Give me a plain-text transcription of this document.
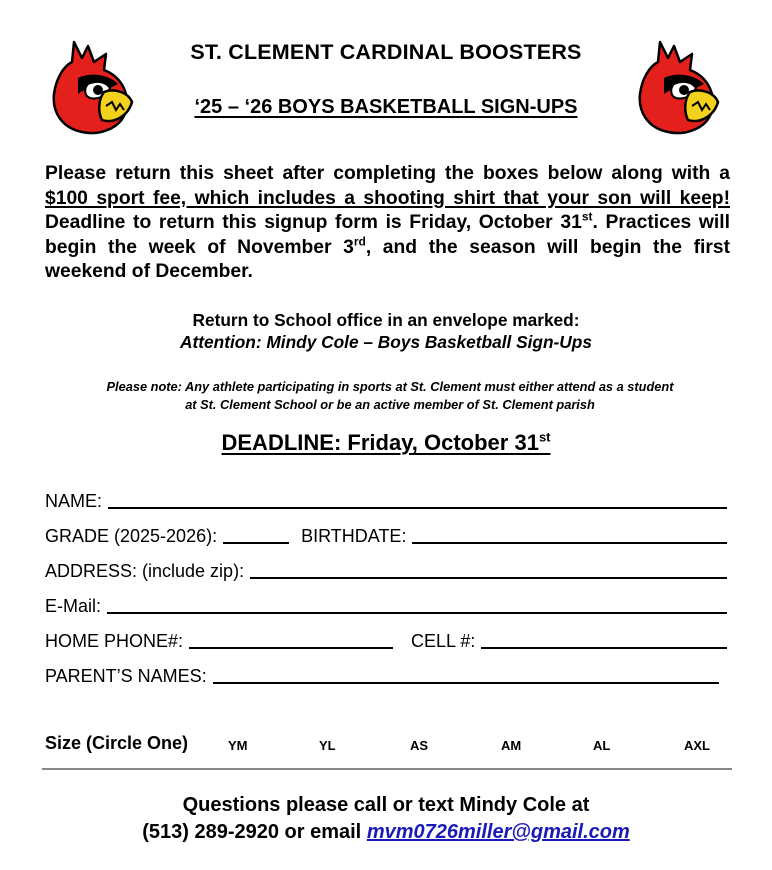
ST. CLEMENT CARDINAL BOOSTERS
‘25 – ‘26 BOYS BASKETBALL SIGN-UPS
Please return this sheet after completing the boxes below along with a $100 sport fee, which includes a shooting shirt that your son will keep! Deadline to return this signup form is Friday, October 31st. Practices will begin the week of November 3rd, and the season will begin the first weekend of December.
Return to School office in an envelope marked:
Attention: Mindy Cole – Boys Basketball Sign-Ups
Please note: Any athlete participating in sports at St. Clement must either attend as a student
at St. Clement School or be an active member of St. Clement parish
DEADLINE: Friday, October 31st
NAME:
GRADE (2025-2026):	BIRTHDATE:
ADDRESS: (include zip):
E-Mail:
HOME PHONE#:	CELL #:
PARENT’S NAMES:
Size (Circle One)	YM	YL	AS	AM	AL	AXL
Questions please call or text Mindy Cole at
(513) 289-2920 or email mvm0726miller@gmail.com
